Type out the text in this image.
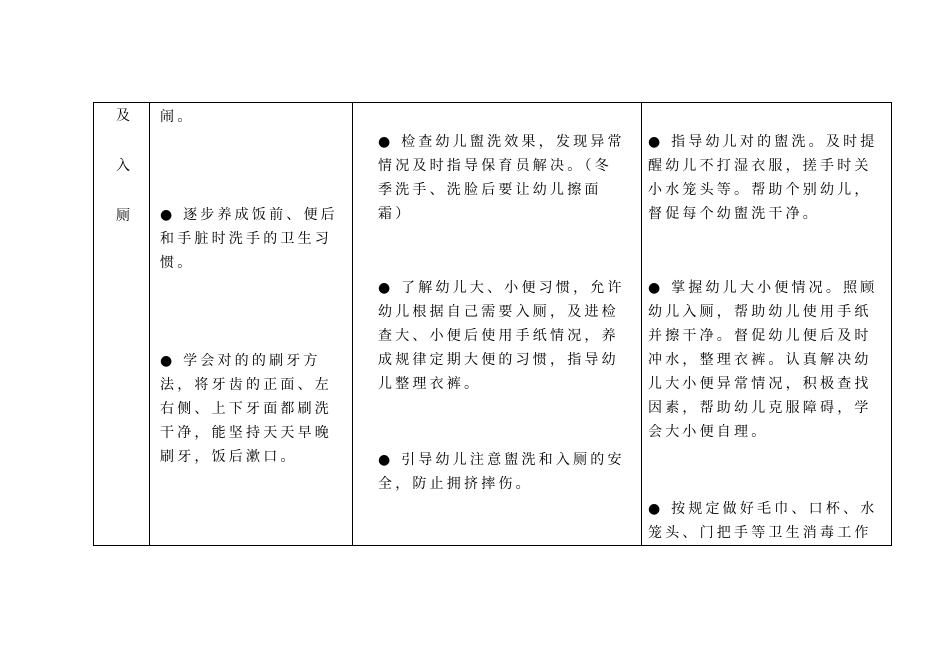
及
入
厕
闹。
● 逐步养成饭前、便后
和手脏时洗手的卫生习
惯。
● 学会对的的刷牙方
法，将牙齿的正面、左
右侧、上下牙面都刷洗
干净，能坚持天天早晚
刷牙，饭后漱口。
● 检查幼儿盥洗效果，发现异常
情况及时指导保育员解决。（冬
季洗手、洗脸后要让幼儿擦面
霜）
● 了解幼儿大、小便习惯，允许
幼儿根据自己需要入厕，及进检
查大、小便后使用手纸情况，养
成规律定期大便的习惯，指导幼
儿整理衣裤。
● 引导幼儿注意盥洗和入厕的安
全，防止拥挤摔伤。
● 指导幼儿对的盥洗。及时提
醒幼儿不打湿衣服，搓手时关
小水笼头等。帮助个别幼儿，
督促每个幼盥洗干净。
● 掌握幼儿大小便情况。照顾
幼儿入厕，帮助幼儿使用手纸
并擦干净。督促幼儿便后及时
冲水，整理衣裤。认真解决幼
儿大小便异常情况，积极查找
因素，帮助幼儿克服障碍，学
会大小便自理。
● 按规定做好毛巾、口杯、水
笼头、门把手等卫生消毒工作
